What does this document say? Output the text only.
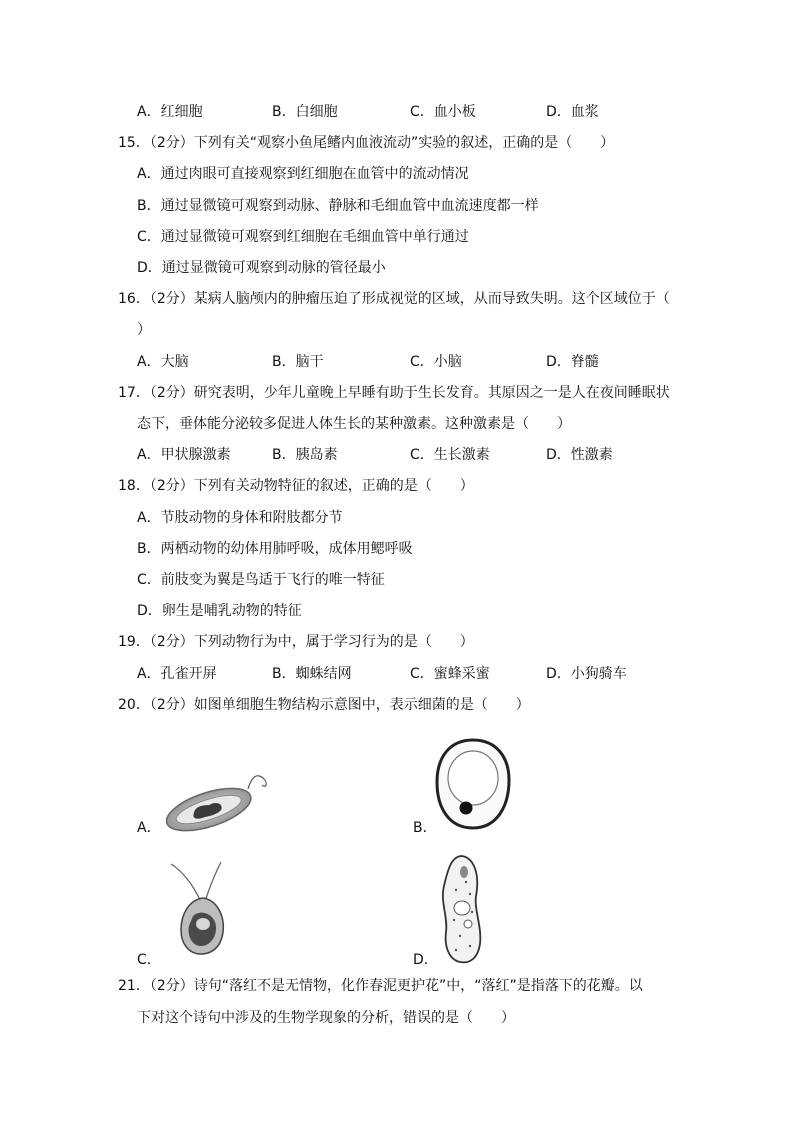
A．红细胞	B．白细胞	C．血小板	D．血浆
15．（2分）下列有关“观察小鱼尾鳍内血液流动”实验的叙述，正确的是（　　）
A．通过肉眼可直接观察到红细胞在血管中的流动情况
B．通过显微镜可观察到动脉、静脉和毛细血管中血流速度都一样
C．通过显微镜可观察到红细胞在毛细血管中单行通过
D．通过显微镜可观察到动脉的管径最小
16．（2分）某病人脑颅内的肿瘤压迫了形成视觉的区域，从而导致失明。这个区域位于（
）
A．大脑	B．脑干	C．小脑	D．脊髓
17．（2分）研究表明，少年儿童晚上早睡有助于生长发育。其原因之一是人在夜间睡眠状
态下，垂体能分泌较多促进人体生长的某种激素。这种激素是（　　）
A．甲状腺激素	B．胰岛素	C．生长激素	D．性激素
18．（2分）下列有关动物特征的叙述，正确的是（　　）
A．节肢动物的身体和附肢都分节
B．两栖动物的幼体用肺呼吸，成体用鳃呼吸
C．前肢变为翼是鸟适于飞行的唯一特征
D．卵生是哺乳动物的特征
19．（2分）下列动物行为中，属于学习行为的是（　　）
A．孔雀开屏	B．蜘蛛结网	C．蜜蜂采蜜	D．小狗骑车
20．（2分）如图单细胞生物结构示意图中，表示细菌的是（　　）
A．	B．
C．	D．
21．（2分）诗句“落红不是无情物，化作春泥更护花”中，“落红”是指落下的花瓣。以
下对这个诗句中涉及的生物学现象的分析，错误的是（　　）
